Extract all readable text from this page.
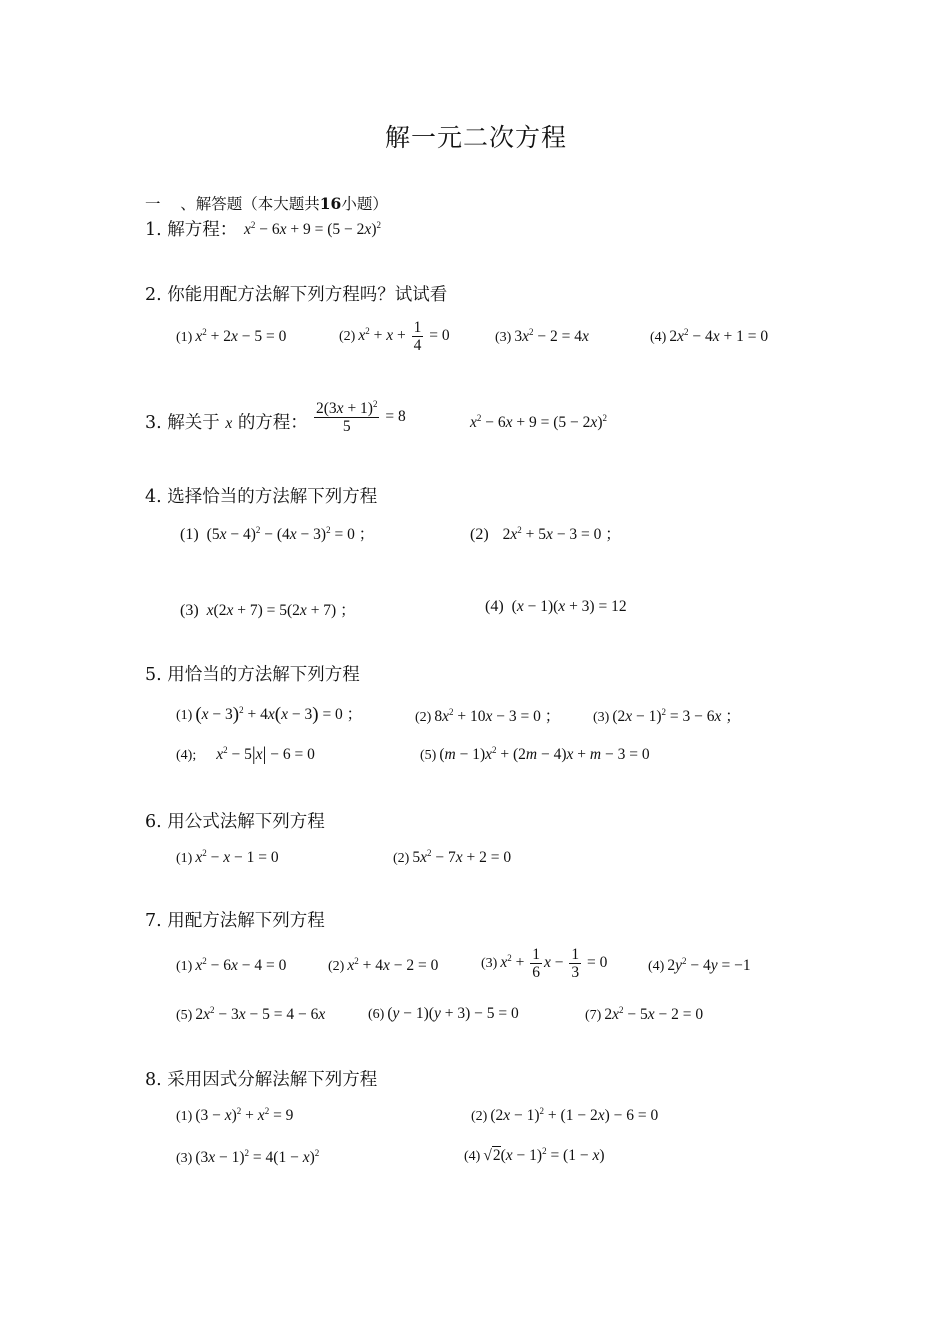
解一元二次方程
一 、解答题（本大题共16小题）
1. 解方程： $x^2 - 6x + 9 = (5 - 2x)^2$
2. 你能用配方法解下列方程吗？试试看
(1) $x^2 + 2x - 5 = 0$	(2) $x^2 + x + \frac{1}{4} = 0$	(3) $3x^2 - 2 = 4x$	(4) $2x^2 - 4x + 1 = 0$
3. 解关于 x 的方程： $\frac{2(3x + 1)^2}{5} = 8$	$x^2 - 6x + 9 = (5 - 2x)^2$
4. 选择恰当的方法解下列方程
(1) $(5x - 4)^2 - (4x - 3)^2 = 0$ ；	(2) $2x^2 + 5x - 3 = 0$ ；
(3) x(2x + 7) = 5(2x + 7) ；	(4) (x − 1)(x + 3) = 12
5. 用恰当的方法解下列方程
(1) $(x - 3)^2 + 4x(x - 3) = 0$ ；	(2) $8x^2 + 10x - 3 = 0$ ； (3) $(2x - 1)^2 = 3 - 6x$ ；
(4); $x^2 - 5|x| - 6 = 0$	(5) $(m - 1)x^2 + (2m - 4)x + m - 3 = 0$
6. 用公式法解下列方程
(1) $x^2 - x - 1 = 0$	(2) $5x^2 - 7x + 2 = 0$
7. 用配方法解下列方程
(1) $x^2 - 6x - 4 = 0$	(2) $x^2 + 4x - 2 = 0$	(3) $x^2 + \frac{1}{6}$ $x - \frac{1}{3} = 0$	(4) $2y^2 - 4y = -1$
(5) $2x^2 - 3x - 5 = 4 - 6x$	(6) (y − 1)(y + 3) − 5 = 0	(7) $2x^2 - 5x - 2 = 0$
8. 采用因式分解法解下列方程
(1) $(3 - x)^2 + x^2 = 9$	(2) $(2x - 1)^2 + (1 - 2x) - 6 = 0$
(3) $(3x - 1)^2 = 4(1 - x)^2$	(4) $√2(x - 1)^2 = (1 - x)$
